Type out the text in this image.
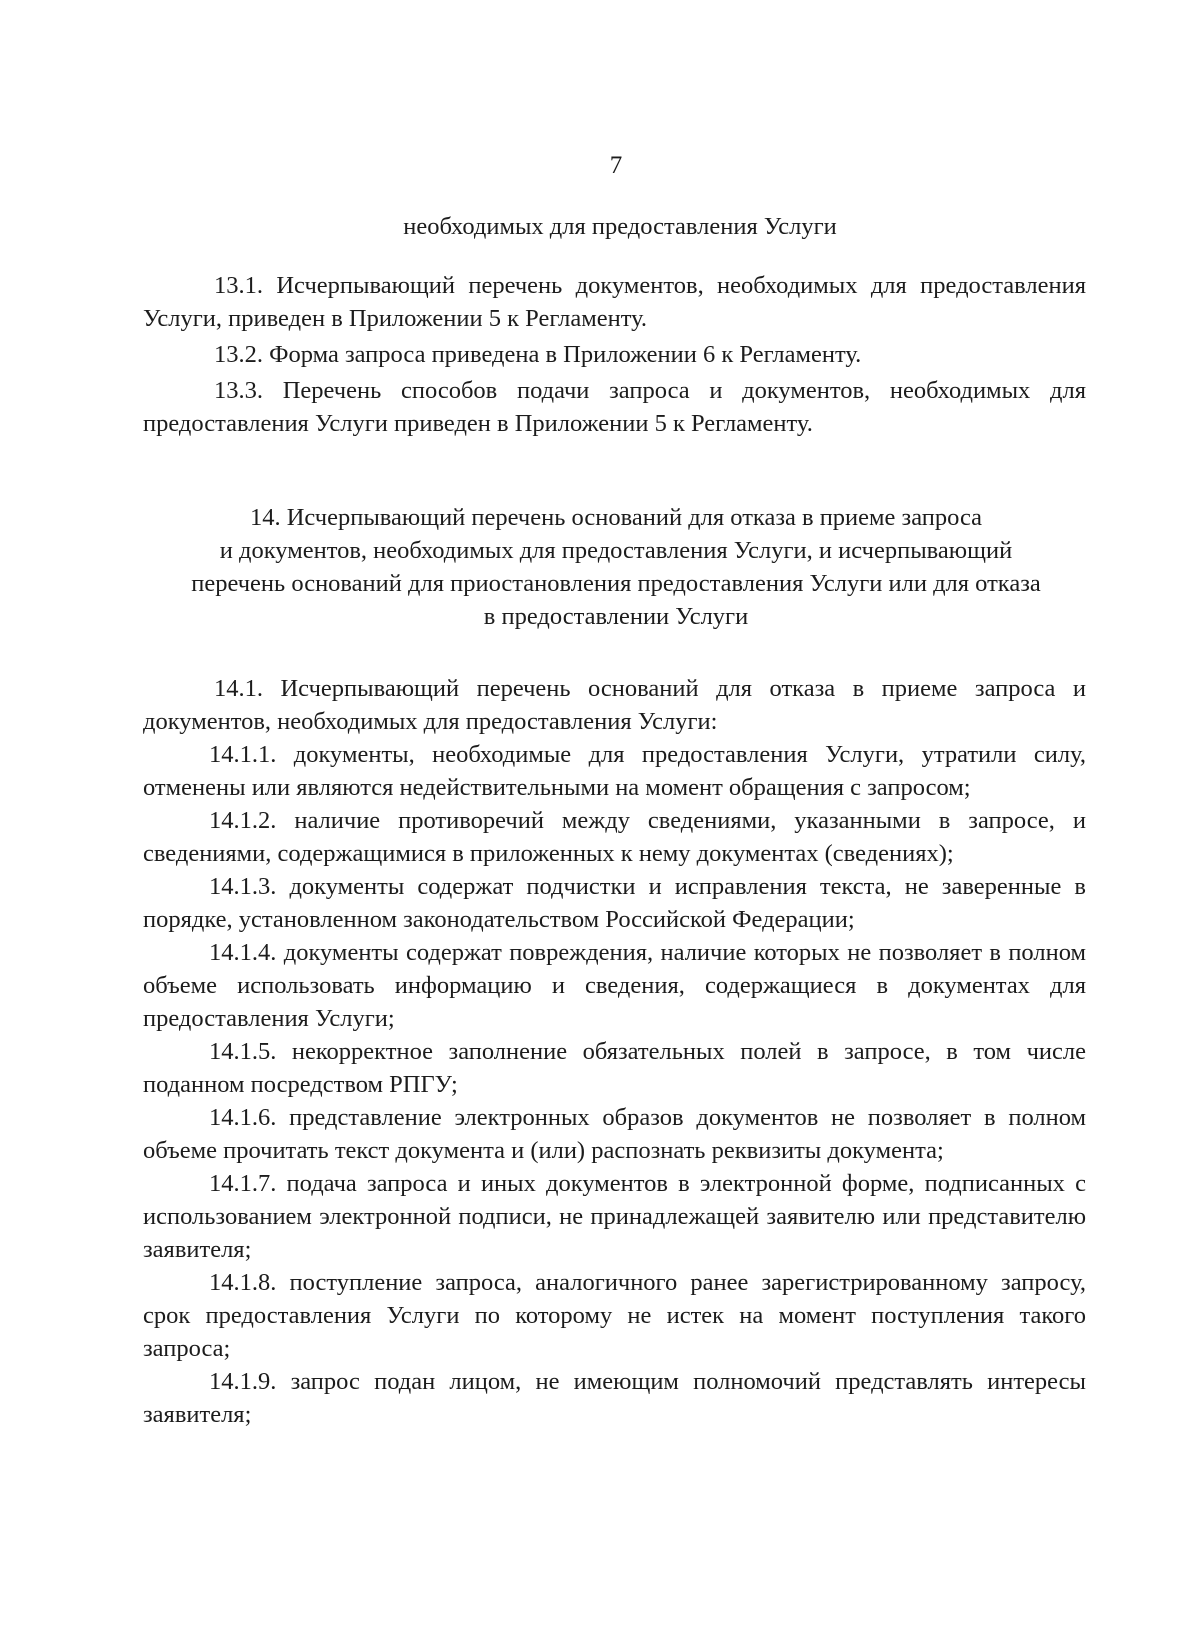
7

необходимых для предоставления Услуги

13.1. Исчерпывающий перечень документов, необходимых для предоставления Услуги, приведен в Приложении 5 к Регламенту.

13.2. Форма запроса приведена в Приложении 6 к Регламенту.

13.3. Перечень способов подачи запроса и документов, необходимых для предоставления Услуги приведен в Приложении 5 к Регламенту.

14. Исчерпывающий перечень оснований для отказа в приеме запроса
и документов, необходимых для предоставления Услуги, и исчерпывающий
перечень оснований для приостановления предоставления Услуги или для отказа
в предоставлении Услуги

14.1. Исчерпывающий перечень оснований для отказа в приеме запроса и документов, необходимых для предоставления Услуги:

14.1.1. документы, необходимые для предоставления Услуги, утратили силу, отменены или являются недействительными на момент обращения с запросом;

14.1.2. наличие противоречий между сведениями, указанными в запросе, и сведениями, содержащимися в приложенных к нему документах (сведениях);

14.1.3. документы содержат подчистки и исправления текста, не заверенные в порядке, установленном законодательством Российской Федерации;

14.1.4. документы содержат повреждения, наличие которых не позволяет в полном объеме использовать информацию и сведения, содержащиеся в документах для предоставления Услуги;

14.1.5. некорректное заполнение обязательных полей в запросе, в том числе поданном посредством РПГУ;

14.1.6. представление электронных образов документов не позволяет в полном объеме прочитать текст документа и (или) распознать реквизиты документа;

14.1.7. подача запроса и иных документов в электронной форме, подписанных с использованием электронной подписи, не принадлежащей заявителю или представителю заявителя;

14.1.8. поступление запроса, аналогичного ранее зарегистрированному запросу, срок предоставления Услуги по которому не истек на момент поступления такого запроса;

14.1.9. запрос подан лицом, не имеющим полномочий представлять интересы заявителя;
